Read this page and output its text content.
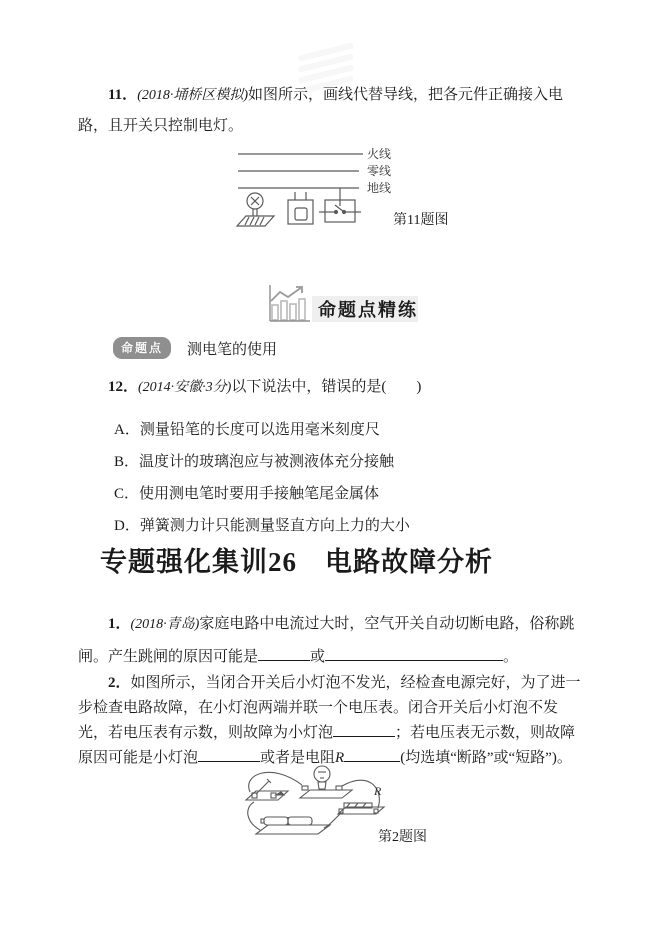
11．(2018·埇桥区模拟)如图所示，画线代替导线，把各元件正确接入电路，且开关只控制电灯。

火线
零线
地线
第11题图
命题点精练
命题点 测电笔的使用

12．(2014·安徽·3分)以下说法中，错误的是(　　)

A．测量铅笔的长度可以选用毫米刻度尺
B．温度计的玻璃泡应与被测液体充分接触
C．使用测电笔时要用手接触笔尾金属体
D．弹簧测力计只能测量竖直方向上力的大小
专题强化集训26　电路故障分析

1．(2018·青岛)家庭电路中电流过大时，空气开关自动切断电路，俗称跳闸。产生跳闸的原因可能是	或	。

2．如图所示，当闭合开关后小灯泡不发光，经检查电源完好，为了进一步检查电路故障，在小灯泡两端并联一个电压表。闭合开关后小灯泡不发光，若电压表有示数，则故障为小灯泡	；若电压表无示数，则故障原因可能是小灯泡	或者是电阻R	(均选填“断路”或“短路”)。

R
第2题图
